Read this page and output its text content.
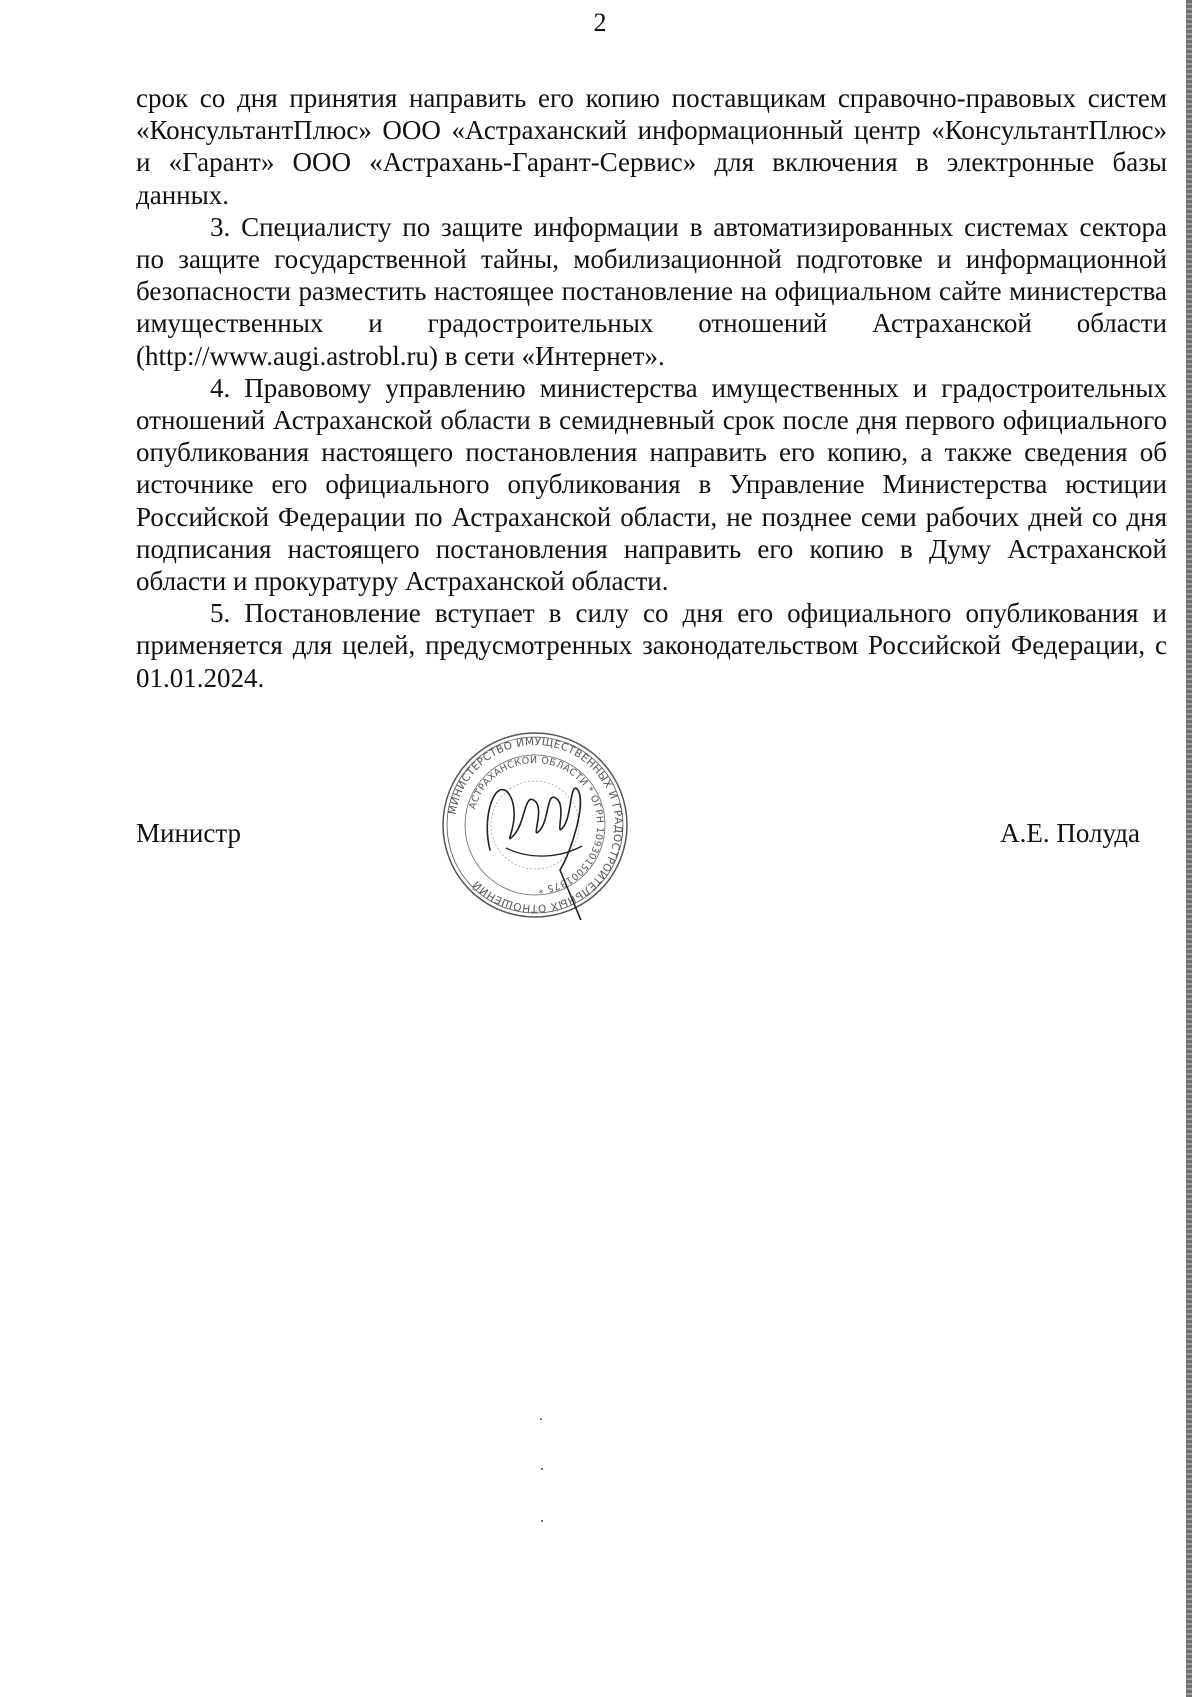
2

срок со дня принятия направить его копию поставщикам справочно-правовых систем «КонсультантПлюс» ООО «Астраханский информационный центр «КонсультантПлюс» и «Гарант» ООО «Астрахань-Гарант-Сервис» для включения в электронные базы данных.

3. Специалисту по защите информации в автоматизированных системах сектора по защите государственной тайны, мобилизационной подготовке и информационной безопасности разместить настоящее постановление на официальном сайте министерства имущественных и градостроительных отношений Астраханской области (http://www.augi.astrobl.ru) в сети «Интернет».

4. Правовому управлению министерства имущественных и градостроительных отношений Астраханской области в семидневный срок после дня первого официального опубликования настоящего постановления направить его копию, а также сведения об источнике его официального опубликования в Управление Министерства юстиции Российской Федерации по Астраханской области, не позднее семи рабочих дней со дня подписания настоящего постановления направить его копию в Думу Астраханской области и прокуратуру Астраханской области.

5. Постановление вступает в силу со дня его официального опубликования и применяется для целей, предусмотренных законодательством Российской Федерации, с 01.01.2024.

Министр	А.Е. Полуда
МИНИСТЕРСТВО ИМУЩЕСТВЕННЫХ И ГРАДОСТРОИТЕЛЬНЫХ ОТНОШЕНИЙ
АСТРАХАНСКОЙ ОБЛАСТИ * ОГРН 1093015001375 *
